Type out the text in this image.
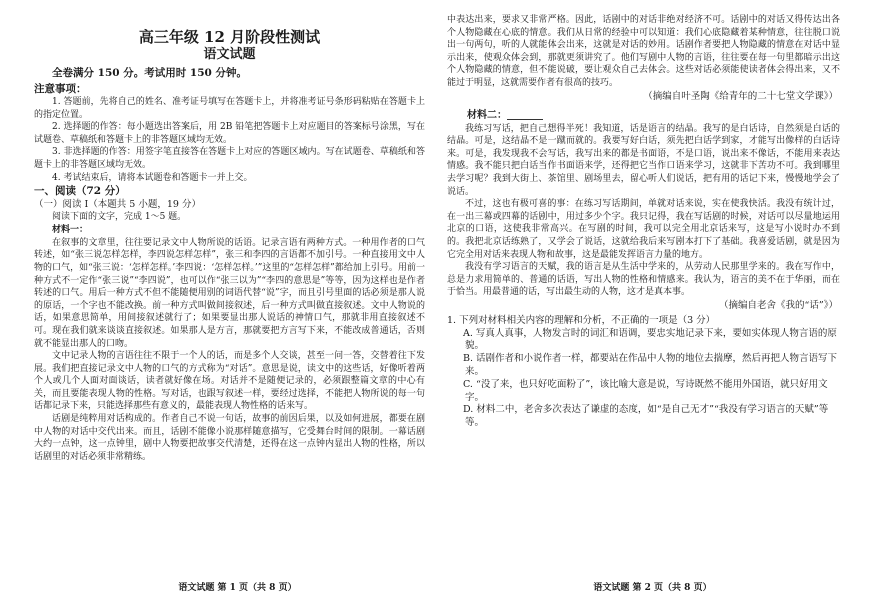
高三年级 12 月阶段性测试
语文试题
全卷满分 150 分。考试用时 150 分钟。
注意事项：

1. 答题前，先将自己的姓名、准考证号填写在答题卡上，并将准考证号条形码粘贴在答题卡上的指定位置。

2. 选择题的作答：每小题选出答案后，用 2B 铅笔把答题卡上对应题目的答案标号涂黑，写在试题卷、草稿纸和答题卡上的非答题区域均无效。

3. 非选择题的作答：用签字笔直接答在答题卡上对应的答题区域内。写在试题卷、草稿纸和答题卡上的非答题区域均无效。

4. 考试结束后，请将本试题卷和答题卡一并上交。

一、阅读（72 分）
（一）阅读 Ⅰ（本题共 5 小题，19 分）

阅读下面的文字，完成 1～5 题。

材料一：

在叙事的文章里，往往要记录文中人物所说的话语。记录言语有两种方式。一种用作者的口气转述，如“张三说怎样怎样，李四说怎样怎样”，张三和李四的言语都不加引号。一种直接用文中人物的口气，如“张三说：‘怎样怎样。’李四说：‘怎样怎样。’”这里的“怎样怎样”都给加上引号。用前一种方式不一定作“张三说”“李四说”，也可以作“张三以为”“李四的意思是”等等，因为这样也是作者转述的口气。用后一种方式不但不能随便用别的词语代替“说”字，而且引号里面的话必须是那人说的原话，一个字也不能改换。前一种方式叫做间接叙述，后一种方式叫做直接叙述。文中人物说的话，如果意思简单，用间接叙述就行了；如果要显出那人说话的神情口气，那就非用直接叙述不可。现在我们就来谈谈直接叙述。如果那人是方言，那就要把方言写下来，不能改成普通话，否则就不能显出那人的口吻。

文中记录人物的言语往往不限于一个人的话，而是多个人交谈，甚至一问一答，交替着往下发展。我们把直接记录文中人物的口气的方式称为“对话”。意思是说，读文中的这些话，好像听着两个人或几个人面对面谈话，读者就好像在场。对话并不是随便记录的，必须跟整篇文章的中心有关，而且要能表现人物的性格。写对话，也跟写叙述一样，要经过选择，不能把人物所说的每一句话都记录下来，只能选择那些有意义的，最能表现人物性格的话来写。

话剧是纯粹用对话构成的。作者自己不说一句话，故事的前因后果，以及如何进展，都要在剧中人物的对话中交代出来。而且，话剧不能像小说那样随意描写，它受舞台时间的限制。一幕话剧大约一点钟，这一点钟里，剧中人物要把故事交代清楚，还得在这一点钟内显出人物的性格，所以话剧里的对话必须非常精练。

语文试题 第 1 页（共 8 页）

中表达出来，要求又非常严格。因此，话剧中的对话非绝对经济不可。话剧中的对话又得传达出各个人物隐藏在心底的情意。我们从日常的经验中可以知道：我们心底隐藏着某种情意，往往脱口说出一句两句，听的人就能体会出来，这就是对话的妙用。话剧作者要把人物隐藏的情意在对话中显示出来，使观众体会到，那就更须讲究了。他们写剧中人物的言语，往往要在每一句里都暗示出这个人物隐藏的情意，但不能说破，要让观众自己去体会。这些对话必须能使读者体会得出来，又不能过于明显，这就需要作者有很高的技巧。

（摘编自叶圣陶《给青年的二十七堂文学课》）
材料二：

我练习写话，把自己想得半死！我知道，话是语言的结晶。我写的是白话诗，自然须是白话的结晶。可是，这结晶不是一蹴而就的。我要写好白话，须先把白话学到家，才能写出像样的白话诗来。可是，我发现我不会写话，我写出来的都是书面语，不是口语，说出来不像话，不能用来表达情感。我不能只把白话当作书面语来学，还得把它当作口语来学习，这就非下苦功不可。我到哪里去学习呢？我到大街上、茶馆里、剧场里去，留心听人们说话，把有用的话记下来，慢慢地学会了说话。

不过，这也有极可喜的事：在练习写话期间，单就对话来说，实在使我快活。我没有统计过，在一出三幕或四幕的话剧中，用过多少个字。我只记得，我在写话剧的时候，对话可以尽量地运用北京的口语，这使我非常高兴。在写剧的时间，我可以完全用北京话来写，这是写小说时办不到的。我把北京话练熟了，又学会了说话，这就给我后来写剧本打下了基础。我喜爱话剧，就是因为它完全用对话来表现人物和故事，这是最能发挥语言力量的地方。

我没有学习语言的天赋，我的语言是从生活中学来的，从劳动人民那里学来的。我在写作中，总是力求用简单的、普通的话语，写出人物的性格和情感来。我认为，语言的美不在于华丽，而在于恰当。用最普通的话，写出最生动的人物，这才是真本事。

（摘编自老舍《我的“话”》）
1. 下列对材料相关内容的理解和分析，不正确的一项是（3 分）
A. 写真人真事，人物发言时的词汇和语调，要忠实地记录下来，要如实体现人物言语的原貌。
B. 话剧作者和小说作者一样，都要站在作品中人物的地位去揣摩，然后再把人物言语写下来。
C. “没了来，也只好吃面粉了”，该比喻大意是说，写诗既然不能用外国语，就只好用文字。
D. 材料二中，老舍多次表达了谦虚的态度，如“是自己无才”“我没有学习语言的天赋”等等。
语文试题 第 2 页（共 8 页）
